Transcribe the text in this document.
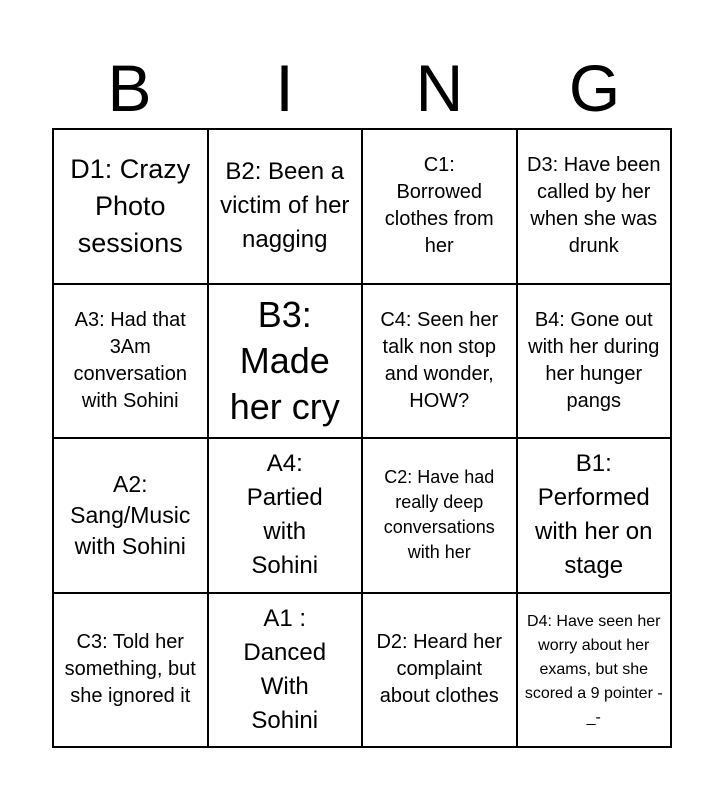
B	I	N	G
D1: Crazy Photo sessions
B2: Been a victim of her nagging
C1: Borrowed clothes from her
D3: Have been called by her when she was drunk
A3: Had that 3Am conversation with Sohini
B3: Made her cry
C4: Seen her talk non stop and wonder, HOW?
B4: Gone out with her during her hunger pangs
A2: Sang/Music with Sohini
A4: Partied with Sohini
C2: Have had really deep conversations with her
B1: Performed with her on stage
C3: Told her something, but she ignored it
A1 : Danced With Sohini
D2: Heard her complaint about clothes
D4: Have seen her worry about her exams, but she scored a 9 pointer -_-
